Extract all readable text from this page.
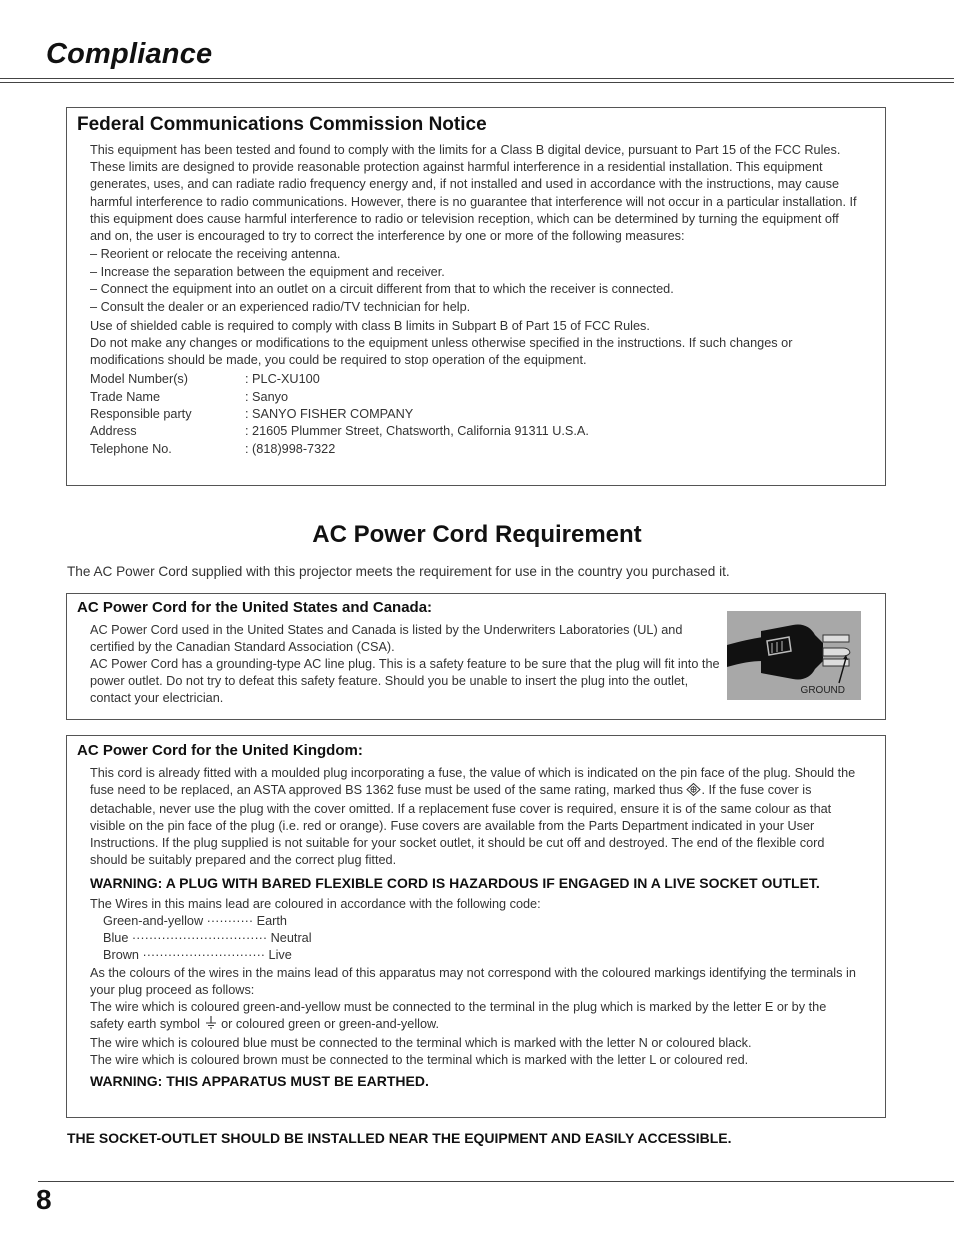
Compliance
Federal Communications Commission Notice

This equipment has been tested and found to comply with the limits for a Class B digital device, pursuant to Part 15 of the FCC Rules. These limits are designed to provide reasonable protection against harmful interference in a residential installation. This equipment generates, uses, and can radiate radio frequency energy and, if not installed and used in accordance with the instructions, may cause harmful interference to radio communications. However, there is no guarantee that interference will not occur in a particular installation. If this equipment does cause harmful interference to radio or television reception, which can be determined by turning the equipment off and on, the user is encouraged to try to correct the interference by one or more of the following measures:

– Reorient or relocate the receiving antenna.
– Increase the separation between the equipment and receiver.
– Connect the equipment into an outlet on a circuit different from that to which the receiver is connected.
– Consult the dealer or an experienced radio/TV technician for help.

Use of shielded cable is required to comply with class B limits in Subpart B of Part 15 of FCC Rules.

Do not make any changes or modifications to the equipment unless otherwise specified in the instructions. If such changes or modifications should be made, you could be required to stop operation of the equipment.

Model Number(s)	: PLC-XU100
Trade Name	: Sanyo
Responsible party	: SANYO FISHER COMPANY
Address	: 21605 Plummer Street, Chatsworth, California 91311 U.S.A.
Telephone No.	: (818)998-7322
AC Power Cord Requirement

The AC Power Cord supplied with this projector meets the requirement for use in the country you purchased it.

AC Power Cord for the United States and Canada:

AC Power Cord used in the United States and Canada is listed by the Underwriters Laboratories (UL) and certified by the Canadian Standard Association (CSA).

AC Power Cord has a grounding-type AC line plug. This is a safety feature to be sure that the plug will fit into the power outlet. Do not try to defeat this safety feature. Should you be unable to insert the plug into the outlet, contact your electrician.

GROUND
AC Power Cord for the United Kingdom:

This cord is already fitted with a moulded plug incorporating a fuse, the value of which is indicated on the pin face of the plug. Should the fuse need to be replaced, an ASTA approved BS 1362 fuse must be used of the same rating, marked thus . If the fuse cover is detachable, never use the plug with the cover omitted. If a replacement fuse cover is required, ensure it is of the same colour as that visible on the pin face of the plug (i.e. red or orange). Fuse covers are available from the Parts Department indicated in your User Instructions. If the plug supplied is not suitable for your socket outlet, it should be cut off and destroyed. The end of the flexible cord should be suitably prepared and the correct plug fitted.

WARNING: A PLUG WITH BARED FLEXIBLE CORD IS HAZARDOUS IF ENGAGED IN A LIVE SOCKET OUTLET.

The Wires in this mains lead are coloured in accordance with the following code:

Green-and-yellow ··········· Earth
Blue ································ Neutral
Brown ····························· Live

As the colours of the wires in the mains lead of this apparatus may not correspond with the coloured markings identifying the terminals in your plug proceed as follows:

The wire which is coloured green-and-yellow must be connected to the terminal in the plug which is marked by the letter E or by the safety earth symbol or coloured green or green-and-yellow.

The wire which is coloured blue must be connected to the terminal which is marked with the letter N or coloured black.

The wire which is coloured brown must be connected to the terminal which is marked with the letter L or coloured red.

WARNING: THIS APPARATUS MUST BE EARTHED.

THE SOCKET-OUTLET SHOULD BE INSTALLED NEAR THE EQUIPMENT AND EASILY ACCESSIBLE.

8
